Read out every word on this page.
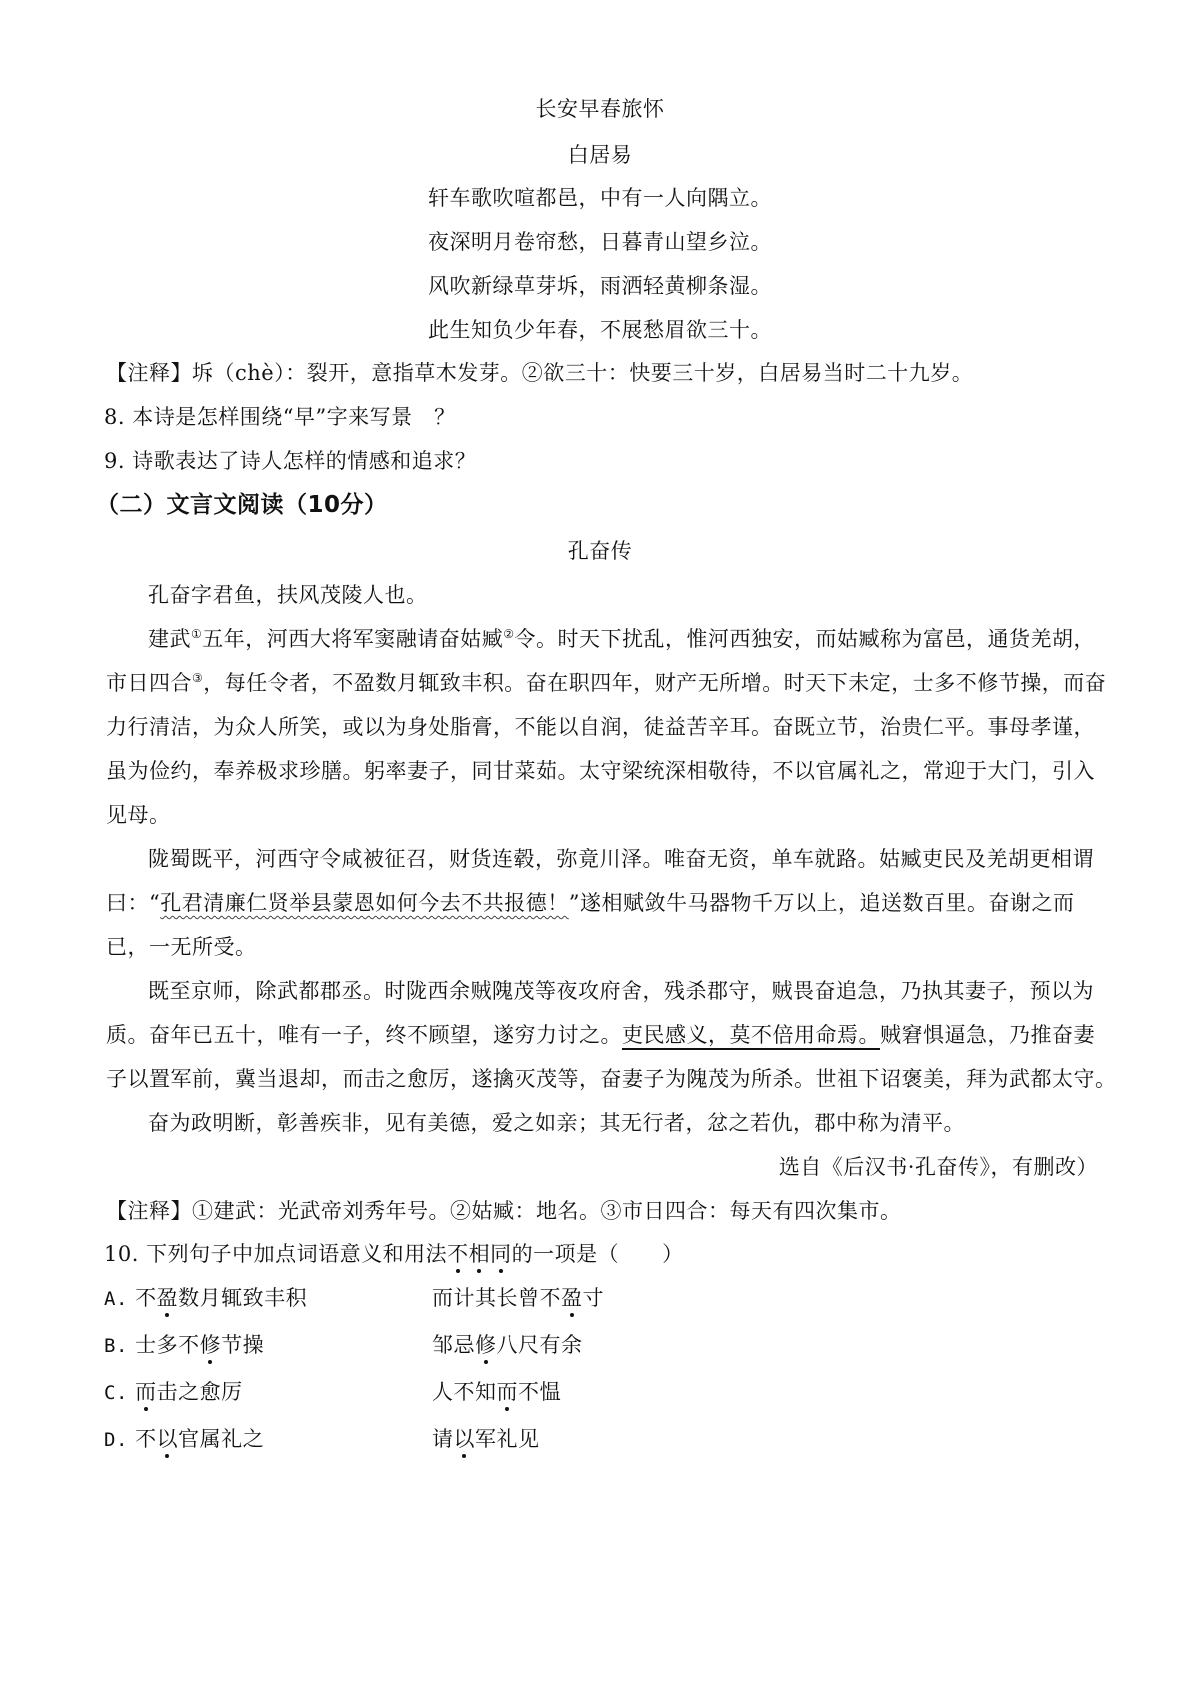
长安早春旅怀
白居易
轩车歌吹喧都邑，中有一人向隅立。
夜深明月卷帘愁，日暮青山望乡泣。
风吹新绿草芽坼，雨洒轻黄柳条湿。
此生知负少年春，不展愁眉欲三十。
【注释】坼（chè）：裂开，意指草木发芽。②欲三十：快要三十岁，白居易当时二十九岁。
8. 本诗是怎样围绕“早”字来写景　？
9. 诗歌表达了诗人怎样的情感和追求？
（二）文言文阅读（10分）
孔奋传
孔奋字君鱼，扶风茂陵人也。
建武①五年，河西大将军窦融请奋姑臧②令。时天下扰乱，惟河西独安，而姑臧称为富邑，通货羌胡，
市日四合③，每任令者，不盈数月辄致丰积。奋在职四年，财产无所增。时天下未定，士多不修节操，而奋
力行清洁，为众人所笑，或以为身处脂膏，不能以自润，徒益苦辛耳。奋既立节，治贵仁平。事母孝谨，
虽为俭约，奉养极求珍膳。躬率妻子，同甘菜茹。太守梁统深相敬待，不以官属礼之，常迎于大门，引入
见母。
陇蜀既平，河西守令咸被征召，财货连毂，弥竟川泽。唯奋无资，单车就路。姑臧吏民及羌胡更相谓
曰：“孔君清廉仁贤举县蒙恩如何今去不共报德！”遂相赋敛牛马器物千万以上，追送数百里。奋谢之而
已，一无所受。
既至京师，除武都郡丞。时陇西余贼隗茂等夜攻府舍，残杀郡守，贼畏奋追急，乃执其妻子，预以为
质。奋年已五十，唯有一子，终不顾望，遂穷力讨之。吏民感义，莫不倍用命焉。贼窘惧逼急，乃推奋妻
子以置军前，冀当退却，而击之愈厉，遂擒灭茂等，奋妻子为隗茂为所杀。世祖下诏褒美，拜为武都太守。
奋为政明断，彰善疾非，见有美德，爱之如亲；其无行者，忿之若仇，郡中称为清平。
选自《后汉书·孔奋传》，有删改）
【注释】①建武：光武帝刘秀年号。②姑臧：地名。③市日四合：每天有四次集市。
10. 下列句子中加点词语意义和用法不相同的一项是（　　）
A. 不盈数月辄致丰积	而计其长曾不盈寸
B. 士多不修节操	邹忌修八尺有余
C. 而击之愈厉	人不知而不愠
D. 不以官属礼之	请以军礼见
